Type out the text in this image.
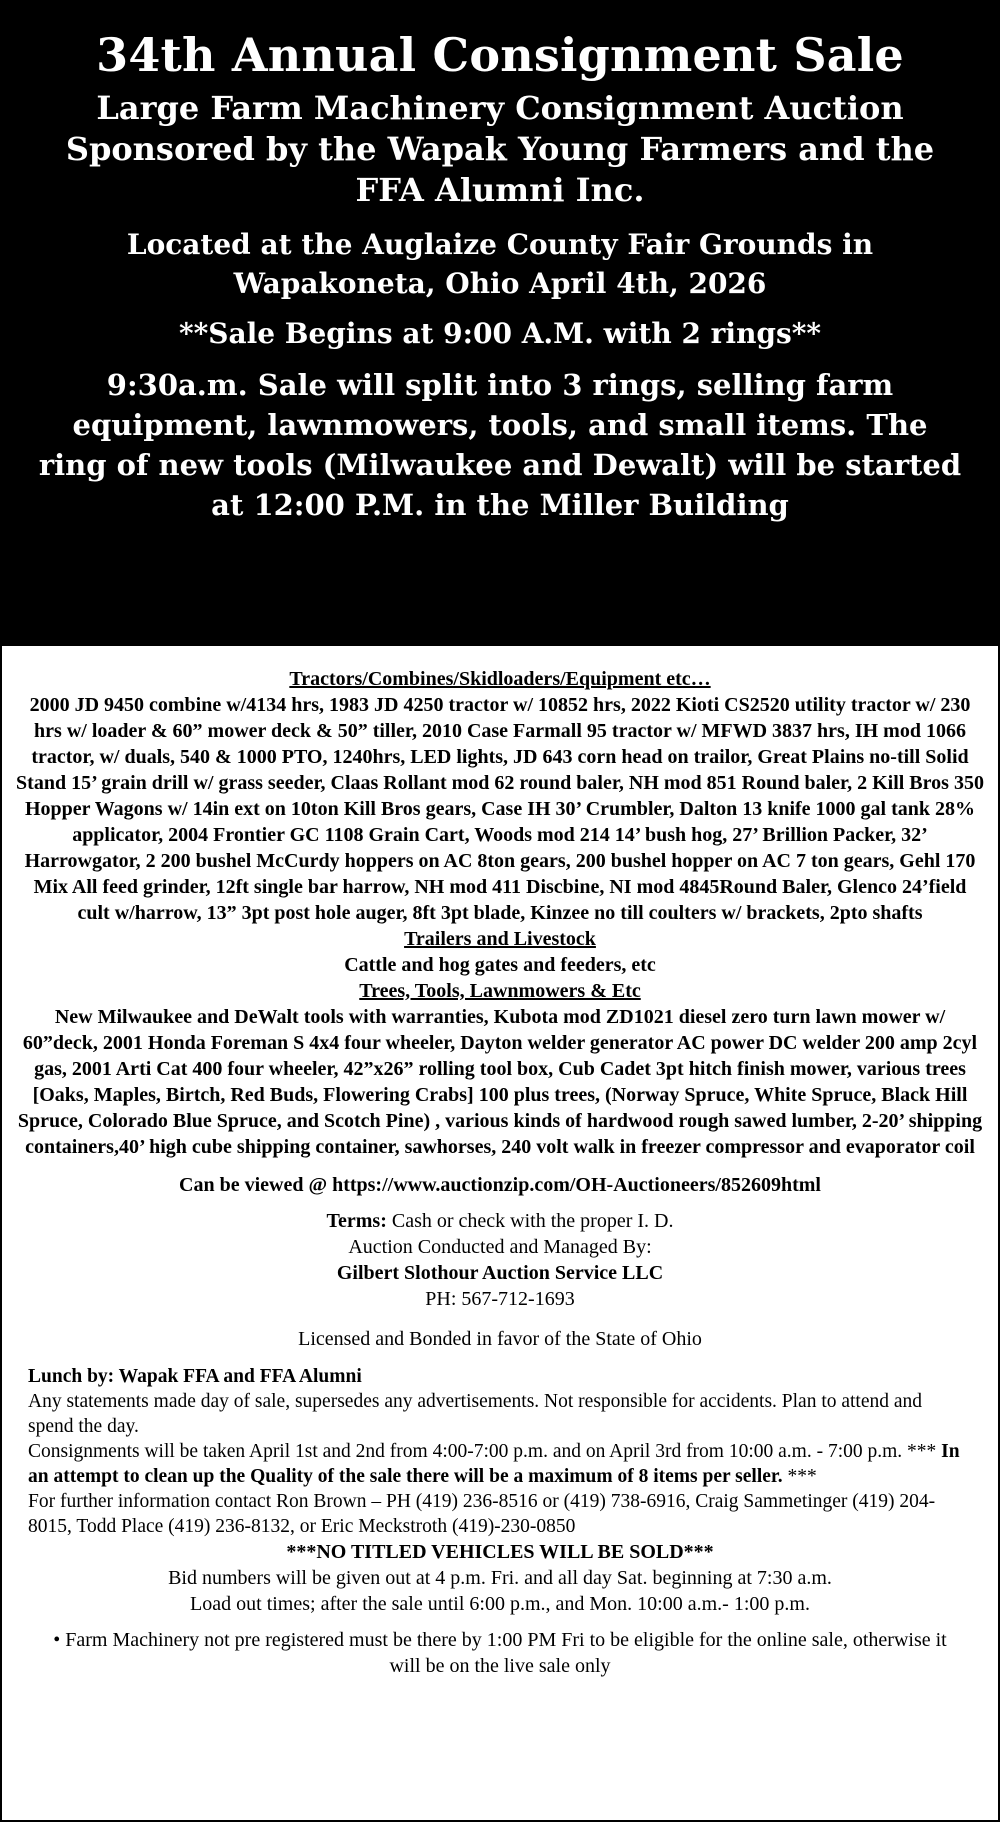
34th Annual Consignment Sale
Large Farm Machinery Consignment Auction Sponsored by the Wapak Young Farmers and the FFA Alumni Inc.
Located at the Auglaize County Fair Grounds in Wapakoneta, Ohio April 4th, 2026
**Sale Begins at 9:00 A.M. with 2 rings**
9:30a.m. Sale will split into 3 rings, selling farm equipment, lawnmowers, tools, and small items. The ring of new tools (Milwaukee and Dewalt) will be started at 12:00 P.M. in the Miller Building
Tractors/Combines/Skidloaders/Equipment etc…
2000 JD 9450 combine w/4134 hrs, 1983 JD 4250 tractor w/ 10852 hrs, 2022 Kioti CS2520 utility tractor w/ 230 hrs w/ loader & 60” mower deck & 50” tiller, 2010 Case Farmall 95 tractor w/ MFWD 3837 hrs, IH mod 1066 tractor, w/ duals, 540 & 1000 PTO, 1240hrs, LED lights, JD 643 corn head on trailor, Great Plains no-till Solid Stand 15’ grain drill w/ grass seeder, Claas Rollant mod 62 round baler, NH mod 851 Round baler, 2 Kill Bros 350 Hopper Wagons w/ 14in ext on 10ton Kill Bros gears, Case IH 30’ Crumbler, Dalton 13 knife 1000 gal tank 28% applicator, 2004 Frontier GC 1108 Grain Cart, Woods mod 214 14’ bush hog, 27’ Brillion Packer, 32’ Harrowgator, 2 200 bushel McCurdy hoppers on AC 8ton gears, 200 bushel hopper on AC 7 ton gears, Gehl 170 Mix All feed grinder, 12ft single bar harrow, NH mod 411 Discbine, NI mod 4845Round Baler, Glenco 24’field cult w/harrow, 13” 3pt post hole auger, 8ft 3pt blade, Kinzee no till coulters w/ brackets, 2pto shafts
Trailers and Livestock
Cattle and hog gates and feeders, etc
Trees, Tools, Lawnmowers & Etc
New Milwaukee and DeWalt tools with warranties, Kubota mod ZD1021 diesel zero turn lawn mower w/ 60”deck, 2001 Honda Foreman S 4x4 four wheeler, Dayton welder generator AC power DC welder 200 amp 2cyl gas, 2001 Arti Cat 400 four wheeler, 42”x26” rolling tool box, Cub Cadet 3pt hitch finish mower, various trees [Oaks, Maples, Birtch, Red Buds, Flowering Crabs] 100 plus trees, (Norway Spruce, White Spruce, Black Hill Spruce, Colorado Blue Spruce, and Scotch Pine) , various kinds of hardwood rough sawed lumber, 2-20’ shipping containers,40’ high cube shipping container, sawhorses, 240 volt walk in freezer compressor and evaporator coil
Can be viewed @ https://www.auctionzip.com/OH-Auctioneers/852609html
Terms: Cash or check with the proper I. D.
Auction Conducted and Managed By:
Gilbert Slothour Auction Service LLC
PH: 567-712-1693
Licensed and Bonded in favor of the State of Ohio

Lunch by: Wapak FFA and FFA Alumni

Any statements made day of sale, supersedes any advertisements. Not responsible for accidents. Plan to attend and spend the day.

Consignments will be taken April 1st and 2nd from 4:00-7:00 p.m. and on April 3rd from 10:00 a.m. - 7:00 p.m. *** In an attempt to clean up the Quality of the sale there will be a maximum of 8 items per seller. ***

For further information contact Ron Brown – PH (419) 236-8516 or (419) 738-6916, Craig Sammetinger (419) 204- 8015, Todd Place (419) 236-8132, or Eric Meckstroth (419)-230-0850

***NO TITLED VEHICLES WILL BE SOLD***
Bid numbers will be given out at 4 p.m. Fri. and all day Sat. beginning at 7:30 a.m.
Load out times; after the sale until 6:00 p.m., and Mon. 10:00 a.m.- 1:00 p.m.
• Farm Machinery not pre registered must be there by 1:00 PM Fri to be eligible for the online sale, otherwise it will be on the live sale only
